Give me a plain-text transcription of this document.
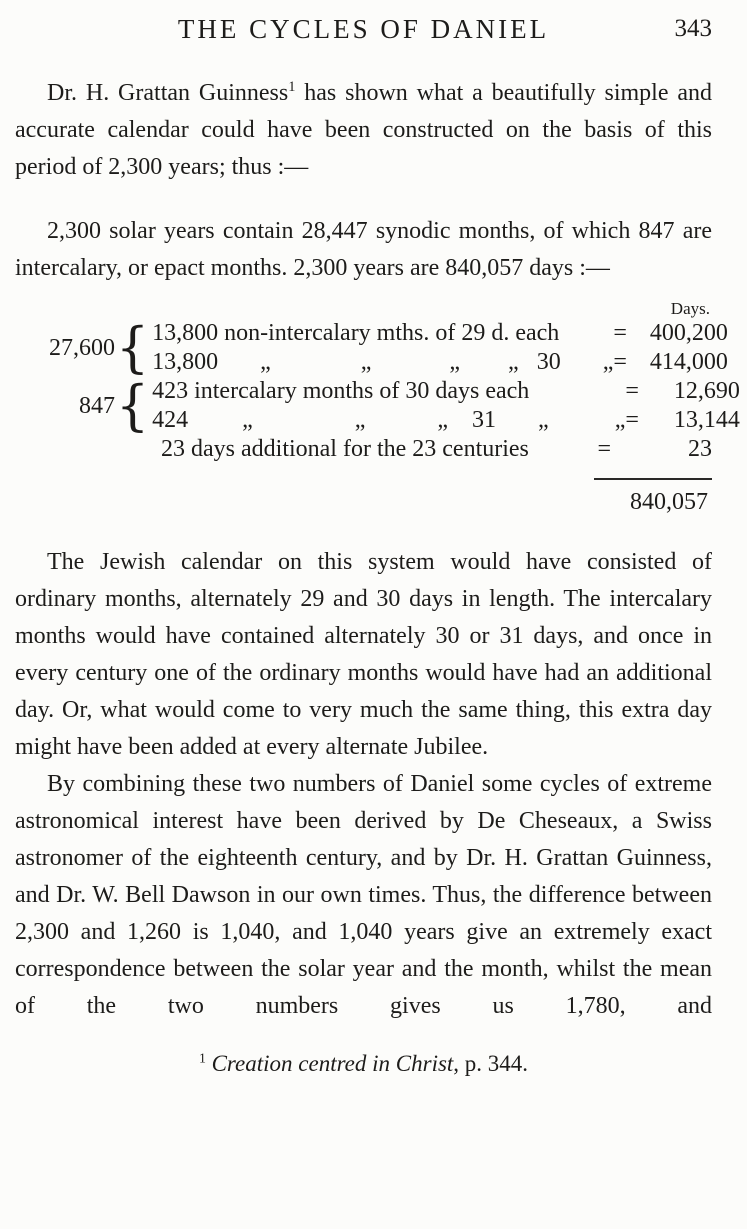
THE CYCLES OF DANIEL	343

Dr. H. Grattan Guinness$^1$ has shown what a beautifully simple and accurate calendar could have been constructed on the basis of this period of 2,300 years; thus :—

2,300 solar years contain 28,447 synodic months, of which 847 are intercalary, or epact months. 2,300 years are 840,057 days :—

Days.
27,600 { 13,800 non-intercalary mths. of 29 d. each	= 400,200
13,800       „               „             „        „   30       „ = 414,000
847 { 423 intercalary months of 30 days each	=	12,690
424         „                 „            „    31       „           „ =	13,144
23 days additional for the 23 centuries	=	23
840,057

The Jewish calendar on this system would have consisted of ordinary months, alternately 29 and 30 days in length. The intercalary months would have contained alternately 30 or 31 days, and once in every century one of the ordinary months would have had an additional day. Or, what would come to very much the same thing, this extra day might have been added at every alternate Jubilee.

By combining these two numbers of Daniel some cycles of extreme astronomical interest have been derived by De Cheseaux, a Swiss astronomer of the eighteenth century, and by Dr. H. Grattan Guinness, and Dr. W. Bell Dawson in our own times. Thus, the difference between 2,300 and 1,260 is 1,040, and 1,040 years give an extremely exact correspondence between the solar year and the month, whilst the mean of the two numbers gives us 1,780, and

$^1$ Creation centred in Christ, p. 344.
